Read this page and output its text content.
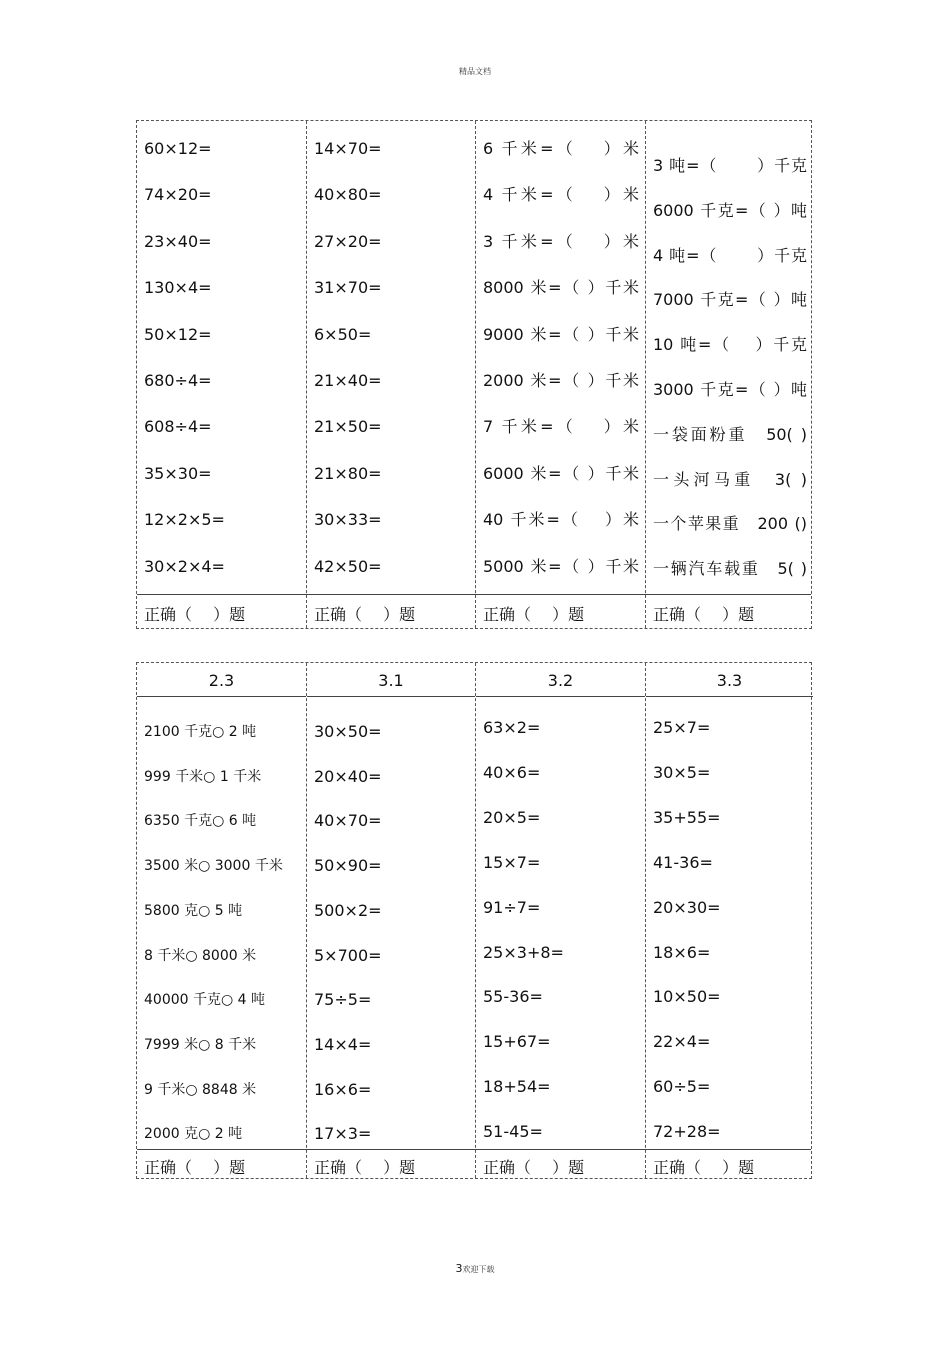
精品文档
60×12=
74×20=
23×40=
130×4=
50×12=
680÷4=
608÷4=
35×30=
12×2×5=
30×2×4=
正确（　 ）题
14×70=
40×80=
27×20=
31×70=
6×50=
21×40=
21×50=
21×80=
30×33=
42×50=
正确（　 ）题
6 千米=（　 ）米
4 千米=（　 ）米
3 千米=（　 ）米
8000 米=（ ）千米
9000 米=（ ）千米
2000 米=（ ）千米
7 千米=（　 ）米
6000 米=（ ）千米
40 千米=（　 ）米
5000 米=（ ）千米
正确（　 ）题
3 吨=（　　 ）千克
6000 千克=（ ）吨
4 吨=（　　 ）千克
7000 千克=（ ）吨
10 吨=（　 ）千克
3000 千克=（ ）吨
一袋面粉重　50( )
一头河马重　3( )
一个苹果重　200 ()
一辆汽车载重　5( )
正确（　 ）题
2.3
2100 千克○ 2 吨
999 千米○ 1 千米
6350 千克○ 6 吨
3500 米○ 3000 千米
5800 克○ 5 吨
8 千米○ 8000 米
40000 千克○ 4 吨
7999 米○ 8 千米
9 千米○ 8848 米
2000 克○ 2 吨
正确（　 ）题
3.1
30×50=
20×40=
40×70=
50×90=
500×2=
5×700=
75÷5=
14×4=
16×6=
17×3=
正确（　 ）题
3.2
63×2=
40×6=
20×5=
15×7=
91÷7=
25×3+8=
55-36=
15+67=
18+54=
51-45=
正确（　 ）题
3.3
25×7=
30×5=
35+55=
41-36=
20×30=
18×6=
10×50=
22×4=
60÷5=
72+28=
正确（　 ）题
3欢迎下载
